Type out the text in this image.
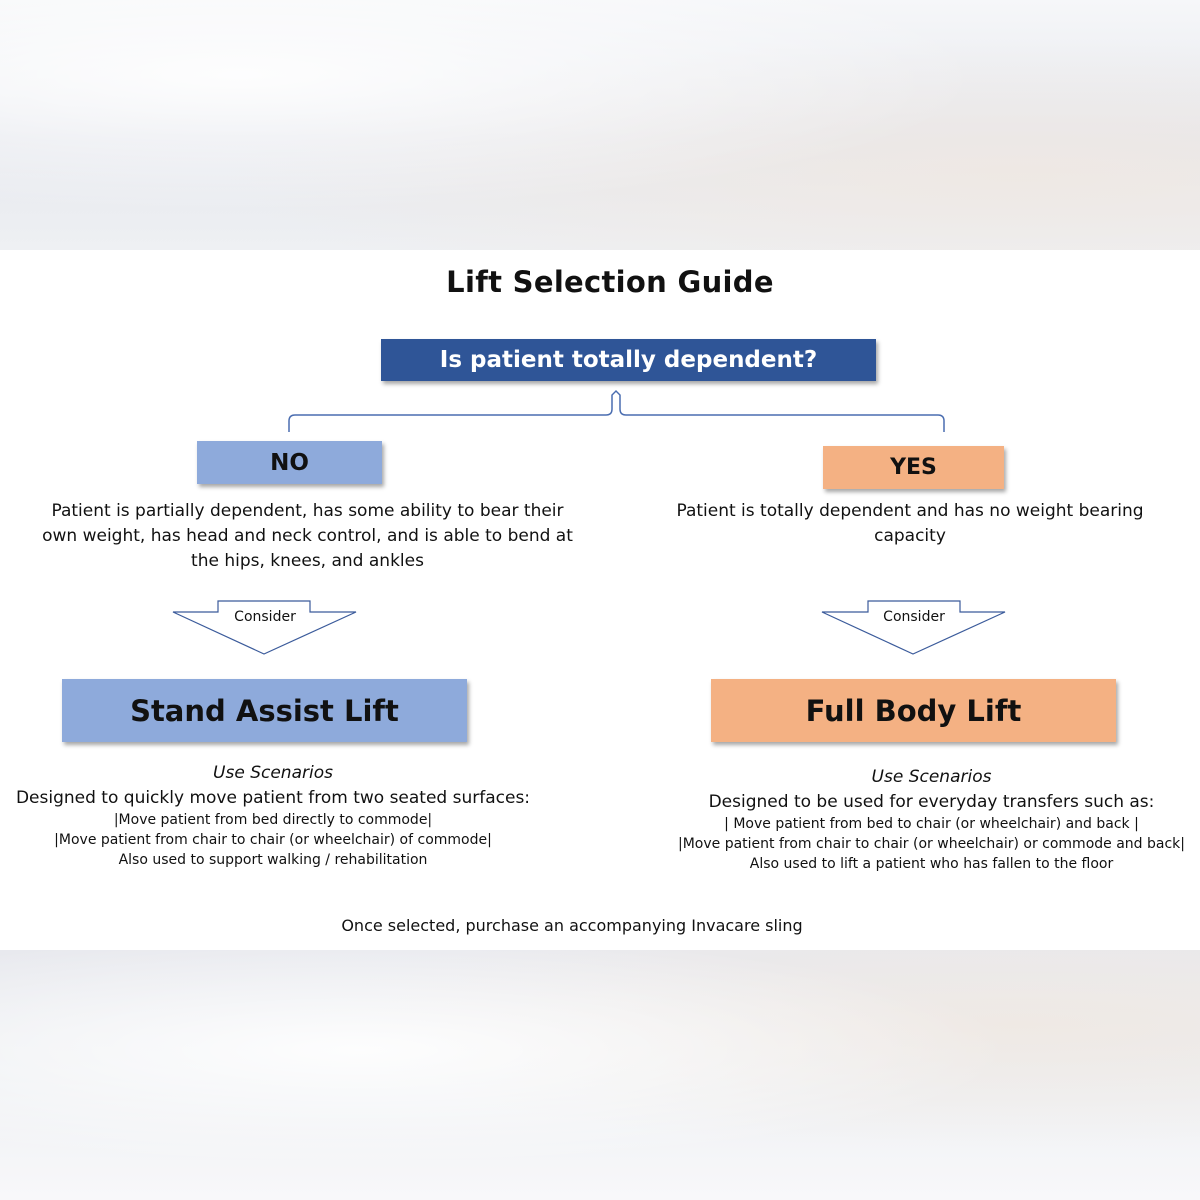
Lift Selection Guide
Is patient totally dependent?
NO	YES
Patient is partially dependent, has some ability to bear their own weight, has head and neck control, and is able to bend at the hips, knees, and ankles
Patient is totally dependent and has no weight bearing capacity
Consider	Consider
Stand Assist Lift	Full Body Lift
Use Scenarios
Designed to quickly move patient from two seated surfaces:
|Move patient from bed directly to commode|
|Move patient from chair to chair (or wheelchair) of commode|
Also used to support walking / rehabilitation
Use Scenarios
Designed to be used for everyday transfers such as:
| Move patient from bed to chair (or wheelchair) and back |
|Move patient from chair to chair (or wheelchair) or commode and back|
Also used to lift a patient who has fallen to the floor
Once selected, purchase an accompanying Invacare sling
